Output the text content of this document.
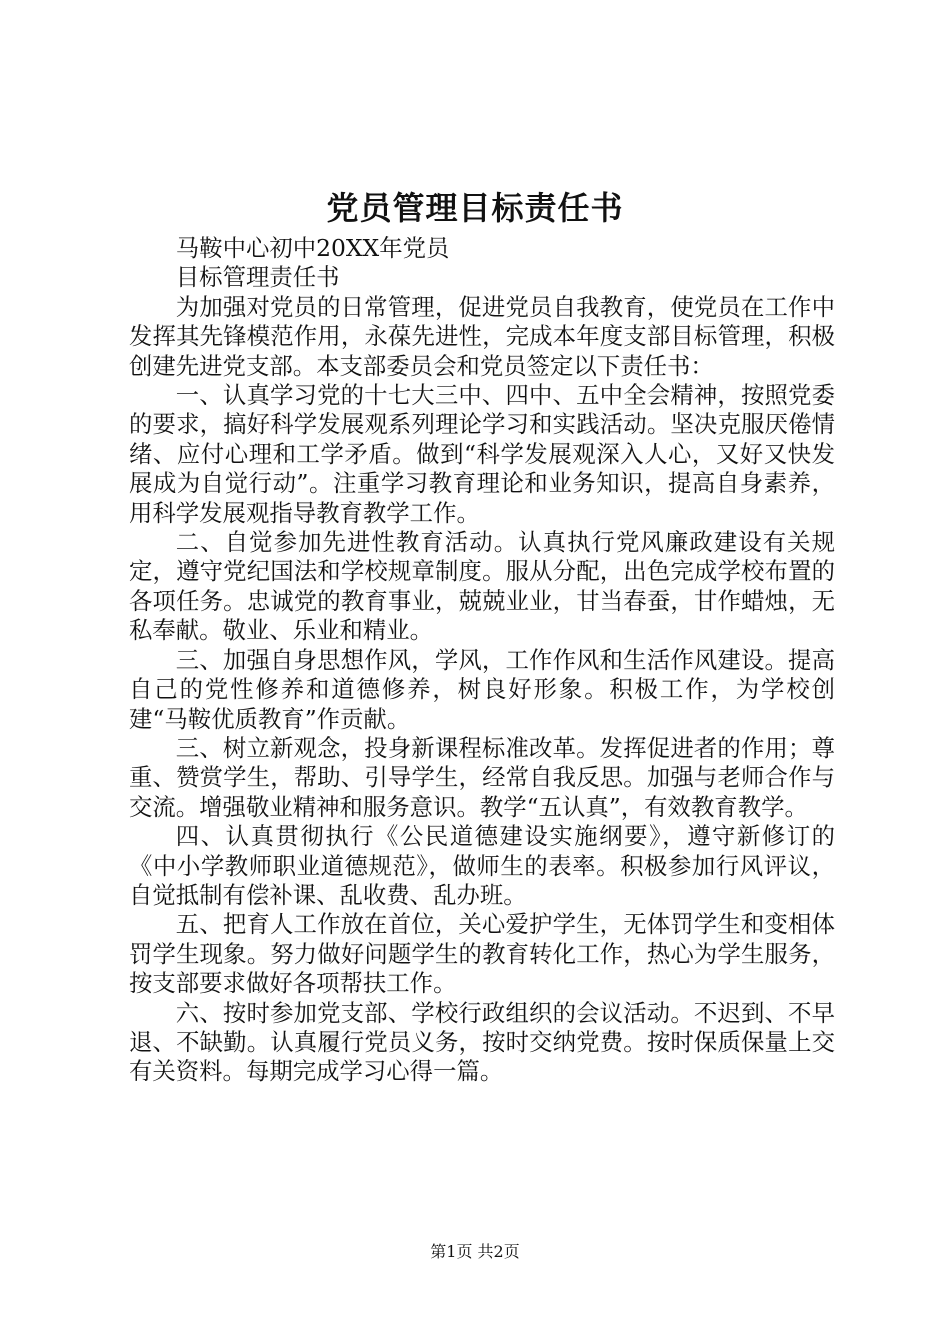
党员管理目标责任书

马鞍中心初中20XX年党员

目标管理责任书

为加强对党员的日常管理，促进党员自我教育，使党员在工作中发挥其先锋模范作用，永葆先进性，完成本年度支部目标管理，积极创建先进党支部。本支部委员会和党员签定以下责任书：

一、认真学习党的十七大三中、四中、五中全会精神，按照党委的要求，搞好科学发展观系列理论学习和实践活动。坚决克服厌倦情绪、应付心理和工学矛盾。做到“科学发展观深入人心，又好又快发展成为自觉行动”。注重学习教育理论和业务知识，提高自身素养，用科学发展观指导教育教学工作。

二、自觉参加先进性教育活动。认真执行党风廉政建设有关规定，遵守党纪国法和学校规章制度。服从分配，出色完成学校布置的各项任务。忠诚党的教育事业，兢兢业业，甘当春蚕，甘作蜡烛，无私奉献。敬业、乐业和精业。

三、加强自身思想作风，学风，工作作风和生活作风建设。提高自己的党性修养和道德修养，树良好形象。积极工作，为学校创建“马鞍优质教育”作贡献。

三、树立新观念，投身新课程标准改革。发挥促进者的作用；尊重、赞赏学生，帮助、引导学生，经常自我反思。加强与老师合作与交流。增强敬业精神和服务意识。教学“五认真”，有效教育教学。

四、认真贯彻执行《公民道德建设实施纲要》，遵守新修订的《中小学教师职业道德规范》，做师生的表率。积极参加行风评议，自觉抵制有偿补课、乱收费、乱办班。

五、把育人工作放在首位，关心爱护学生，无体罚学生和变相体罚学生现象。努力做好问题学生的教育转化工作，热心为学生服务，按支部要求做好各项帮扶工作。

六、按时参加党支部、学校行政组织的会议活动。不迟到、不早退、不缺勤。认真履行党员义务，按时交纳党费。按时保质保量上交有关资料。每期完成学习心得一篇。

第1页 共2页
